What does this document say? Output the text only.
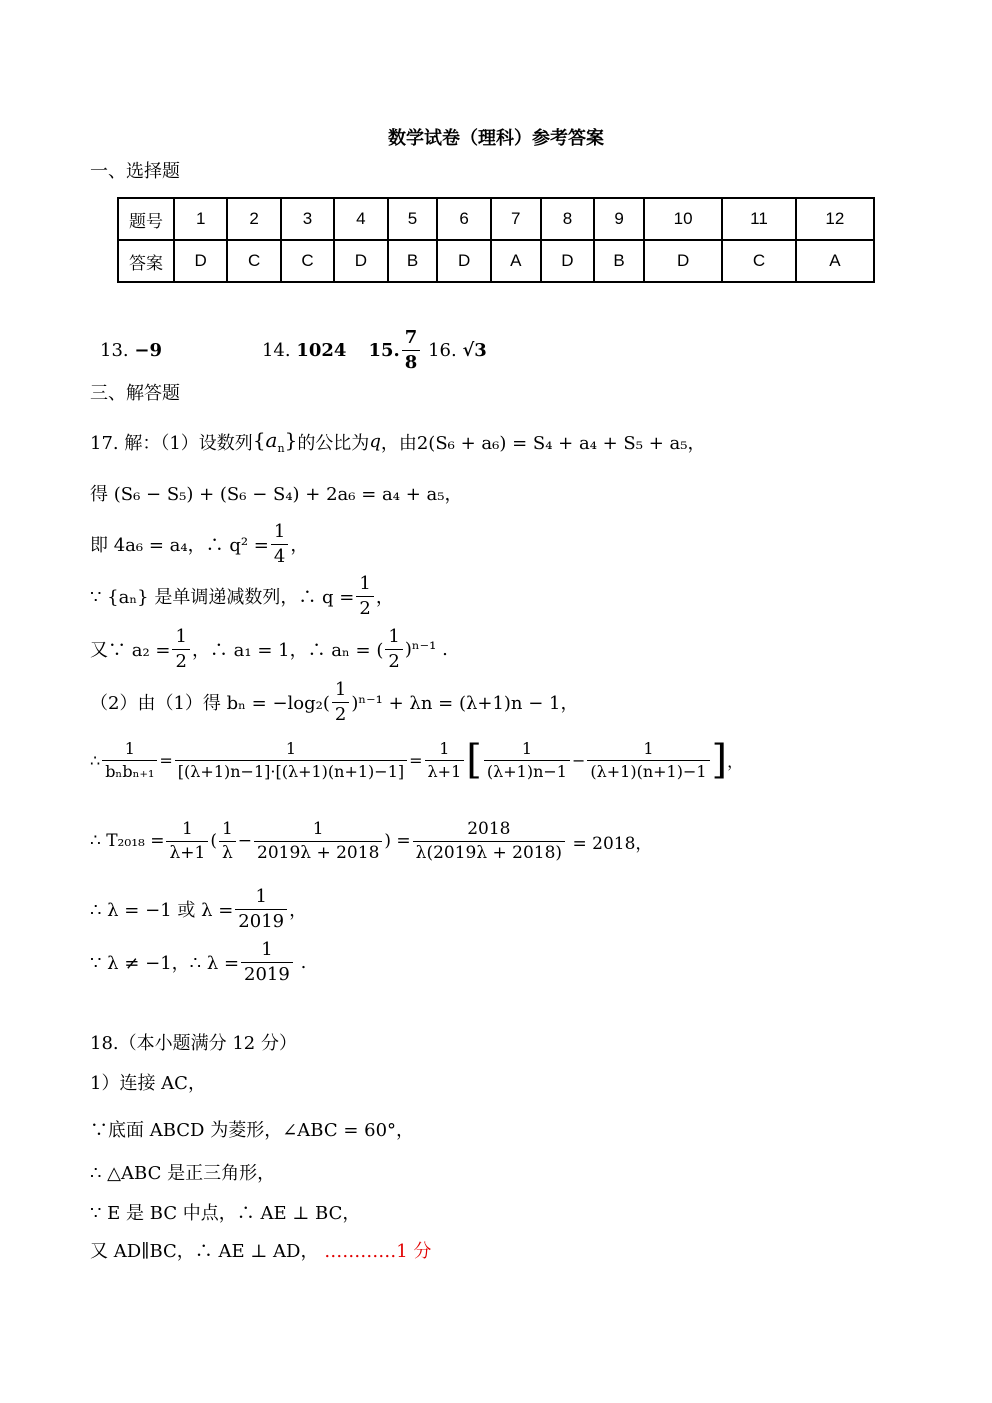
数学试卷（理科）参考答案
一、选择题
题号	1	2	3	4	5	6	7	8	9	10	11	12
答案	D	C	C	D	B	D	A	D	B	D	C	A
13.
−9	14.
1024 15. $\frac{7}{8}$
16.
√3
三、解答题
17. 解：（1）设数列 $\{a_n\}$ 的公比为 q ，由 2(S₆ + a₆) = S₄ + a₄ + S₅ + a₅，
得 (S₆ − S₅) + (S₆ − S₄) + 2a₆ = a₄ + a₅，
即 4a₆ = a₄，∴ $q^2 = \frac{1}{4}$ ，
∵ {aₙ} 是单调递减数列，∴ $q = \frac{1}{2}$ ，
又∵ $a_2 = \frac{1}{2}$ ，∴ a₁ = 1，∴ aₙ = ( $\frac{1}{2} )^{n-1}$ .
（2）由（1）得 $b_n = -\log_2( \frac{1}{2} )^{n-1} + \lambda n = (\lambda+1)n - 1$，
∴ $\frac{1}{\text{bₙbₙ₊₁}} = \frac{1}{[(\lambda+1)n-1]\cdot[(\lambda+1)(n+1)-1]} = \frac{1}{\lambda+1}$ [ $\frac{1}{(\lambda+1)n-1} - \frac{1}{(\lambda+1)(n+1)-1}$ ] ，
∴ $T_{2018} = \frac{1}{\lambda+1}$ ( $\frac{1}{\lambda} - \frac{1}{2019\lambda + 2018}$ ) = $\frac{2018}{\lambda(2019\lambda + 2018)}$
= 2018，
∴ λ = −1 或 $\lambda = \frac{1}{2019}$ ，
∵ λ ≠ −1，∴ $\lambda = \frac{1}{2019}$
.
18.（本小题满分 12 分）
1）连接 AC，
∵底面 ABCD 为菱形，∠ABC = 60°，
∴ △ABC 是正三角形，
∵ E 是 BC 中点，∴ AE ⊥ BC，
又 AD∥BC，∴ AE ⊥ AD， …………1 分
